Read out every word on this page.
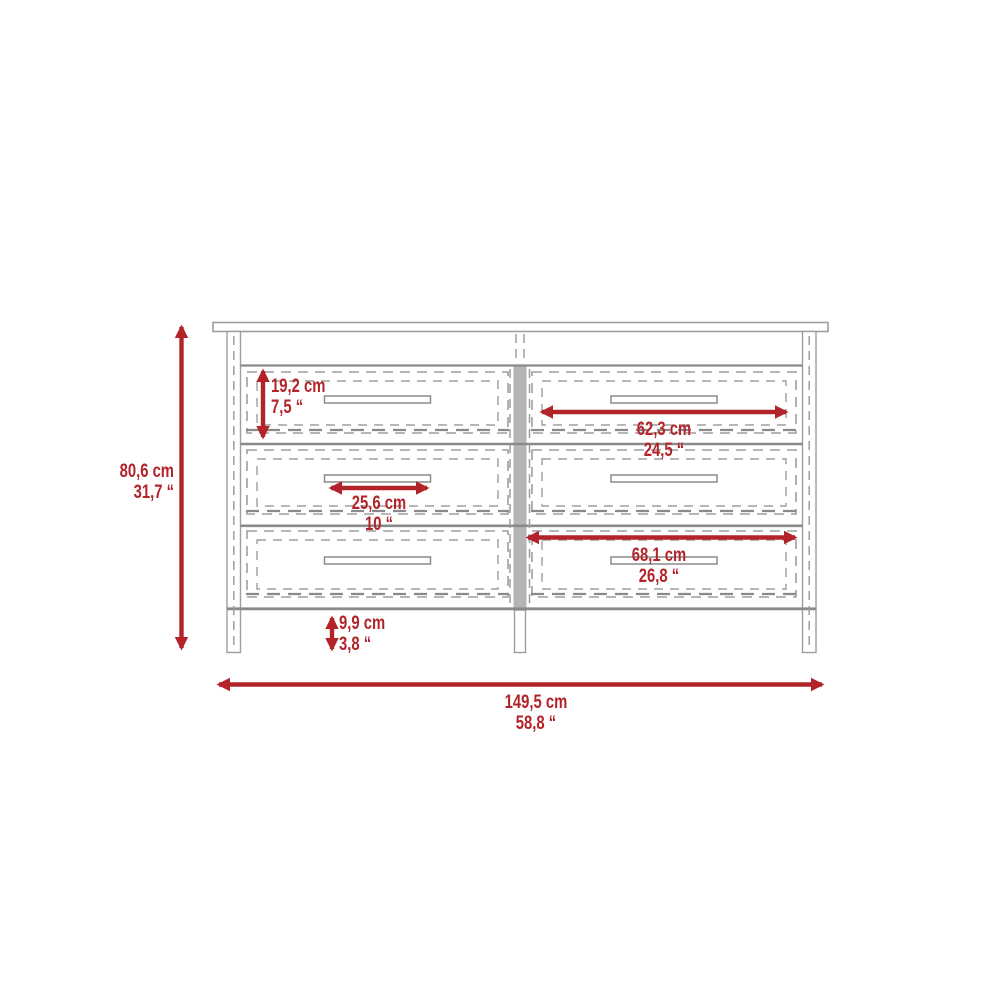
80,6 cm
31,7 “
19,2 cm
7,5 “
62,3 cm
24,5 “
25,6 cm
10 “
68,1 cm
26,8 “
9,9 cm
3,8 “
149,5 cm
58,8 “
